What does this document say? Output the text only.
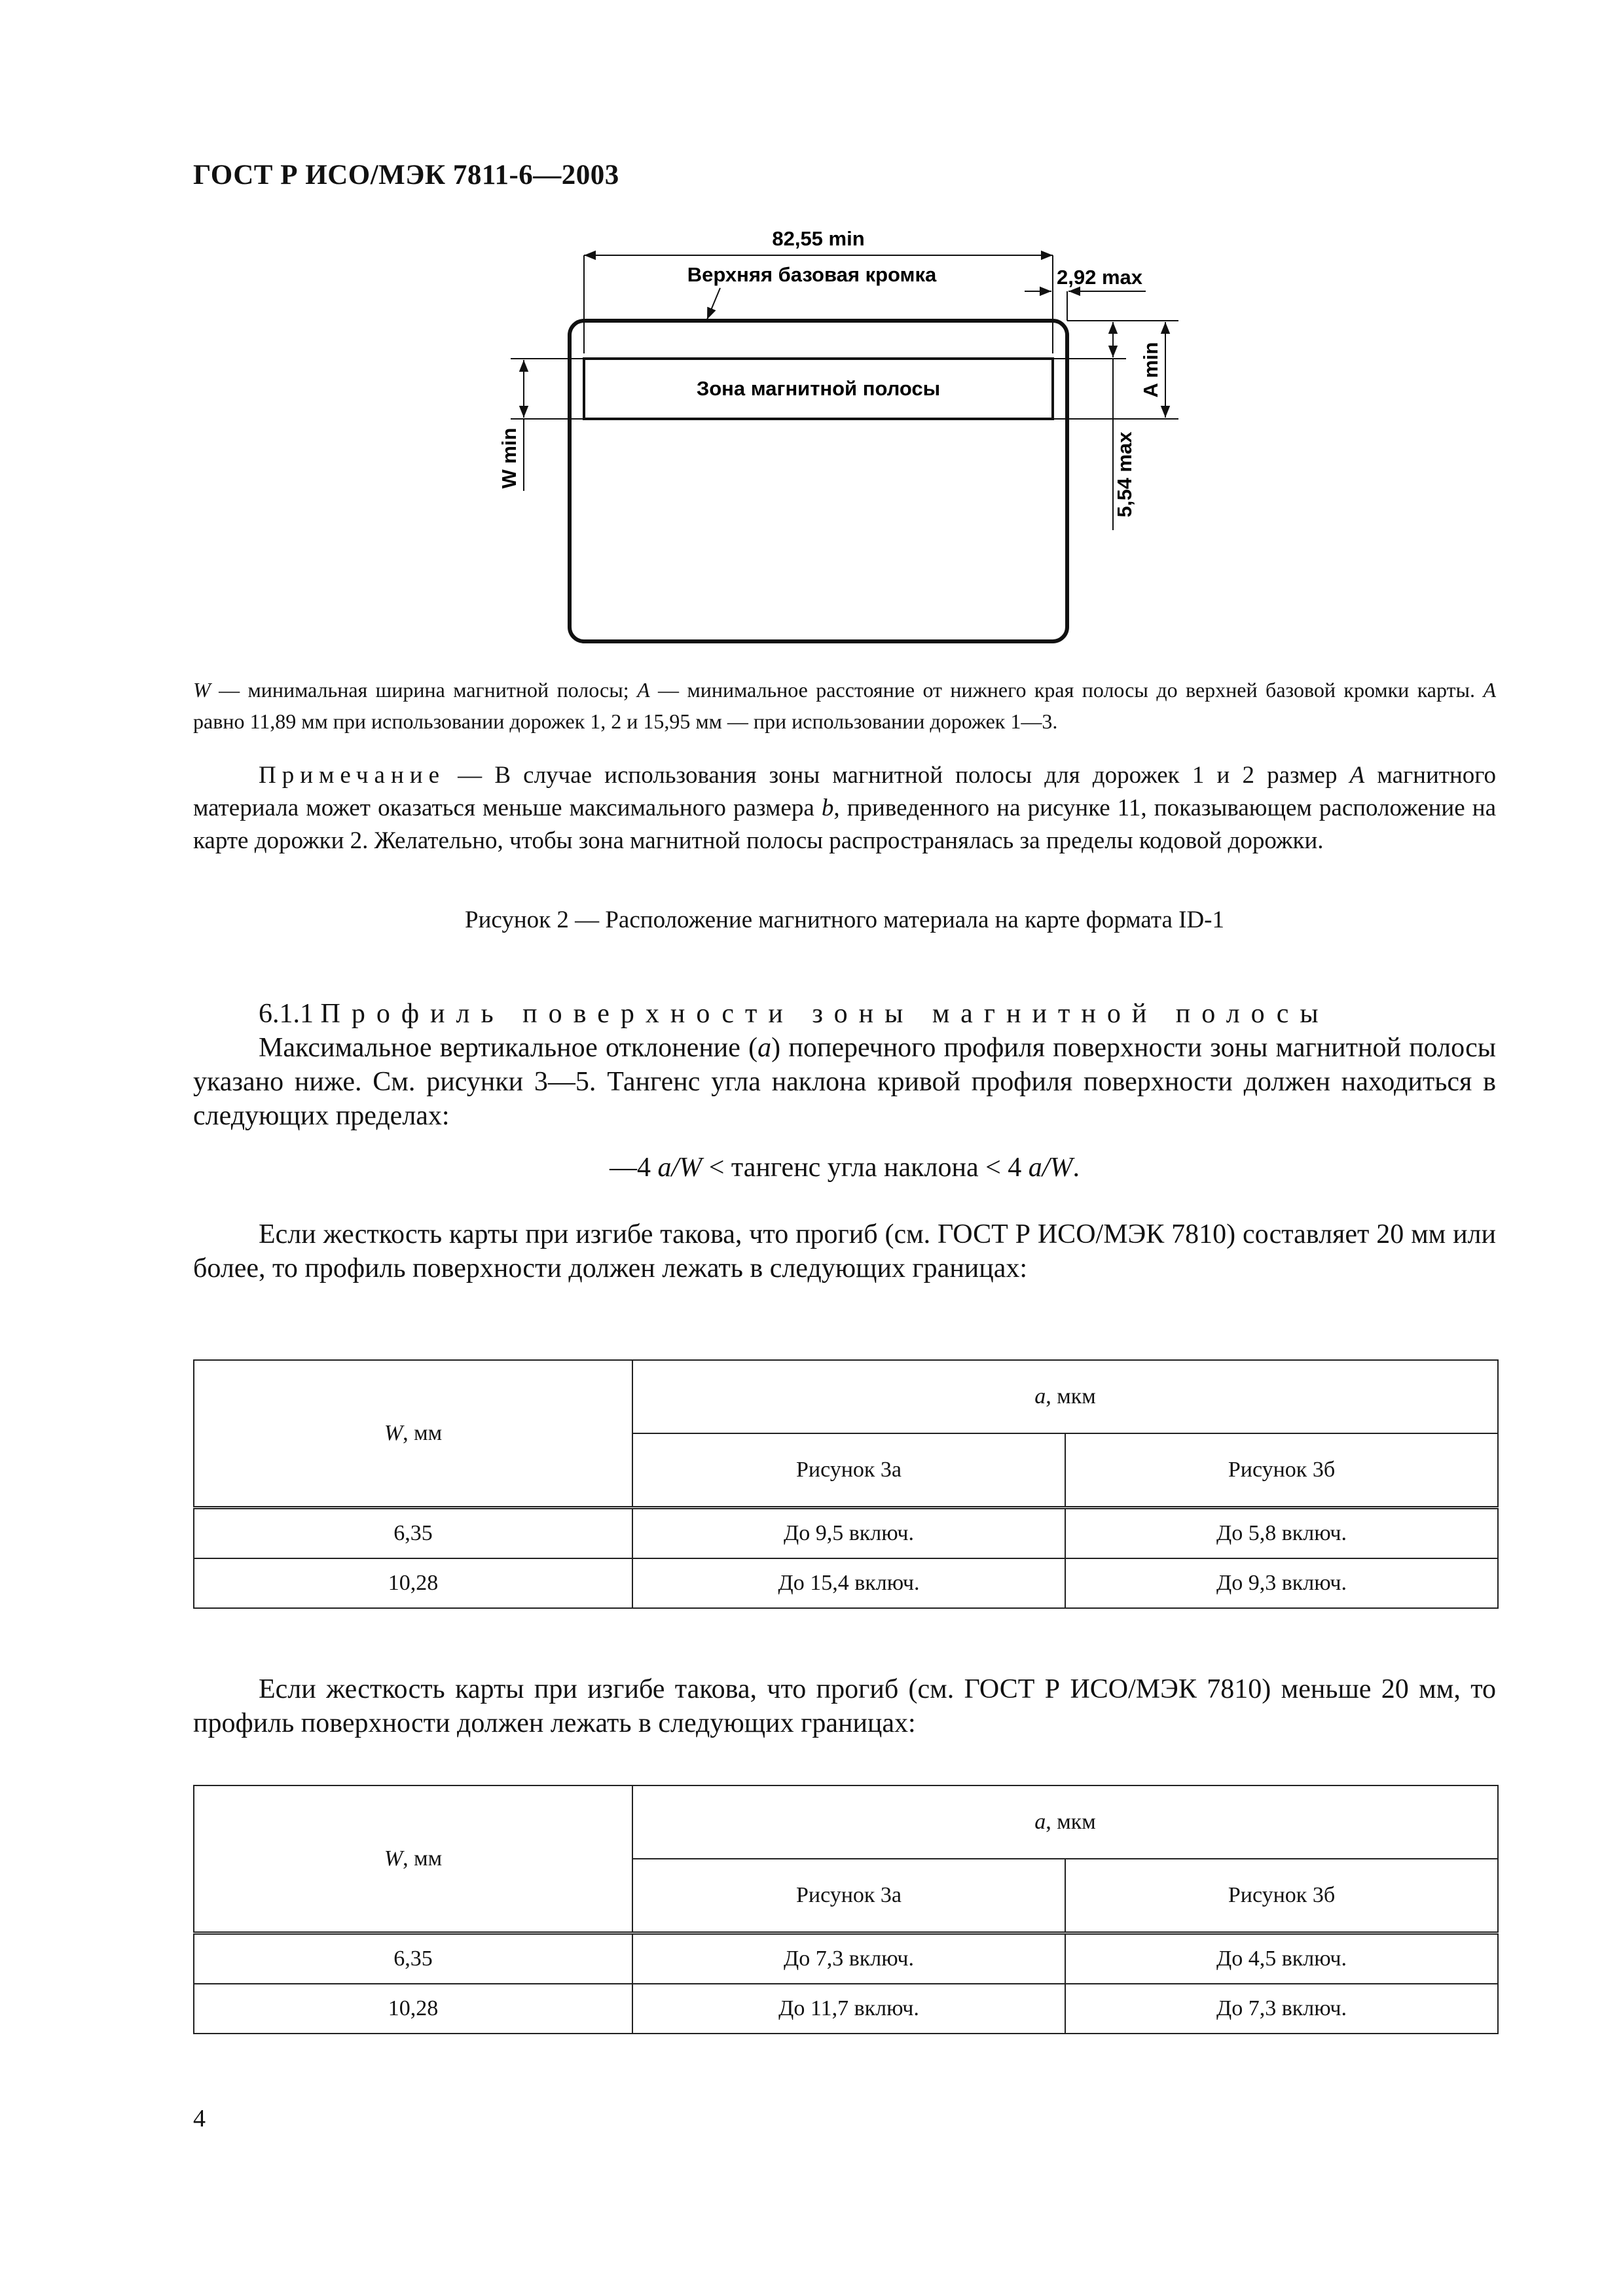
ГОСТ Р ИСО/МЭК 7811-6—2003
Зона магнитной полосы
82,55 min
Верхняя базовая кромка	2,92 max
A min
5,54 max
W min
W — минимальная ширина магнитной полосы; A — минимальное расстояние от нижнего края полосы до верхней базовой кромки карты. A равно 11,89 мм при использовании дорожек 1, 2 и 15,95 мм — при использовании дорожек 1—3.
Примечание — В случае использования зоны магнитной полосы для дорожек 1 и 2 размер A магнитного материала может оказаться меньше максимального размера b, приведенного на рисунке 11, показывающем расположение на карте дорожки 2. Желательно, чтобы зона магнитной полосы распространялась за пределы кодовой дорожки.
Рисунок 2 — Расположение магнитного материала на карте формата ID-1
6.1.1 Профиль поверхности зоны магнитной полосы
Максимальное вертикальное отклонение (a) поперечного профиля поверхности зоны магнитной полосы указано ниже. См. рисунки 3—5. Тангенс угла наклона кривой профиля поверхности должен находиться в следующих пределах:
—4 a/W < тангенс угла наклона < 4 a/W.
Если жесткость карты при изгибе такова, что прогиб (см. ГОСТ Р ИСО/МЭК 7810) составляет 20 мм или более, то профиль поверхности должен лежать в следующих границах:
W, мм	a, мкм	
	Рисунок 3а	Рисунок 3б
6,35	До 9,5 включ.	До 5,8 включ.
10,28	До 15,4 включ.	До 9,3 включ.
Если жесткость карты при изгибе такова, что прогиб (см. ГОСТ Р ИСО/МЭК 7810) меньше 20 мм, то профиль поверхности должен лежать в следующих границах:
W, мм	a, мкм	
	Рисунок 3а	Рисунок 3б
6,35	До 7,3 включ.	До 4,5 включ.
10,28	До 11,7 включ.	До 7,3 включ.
4
